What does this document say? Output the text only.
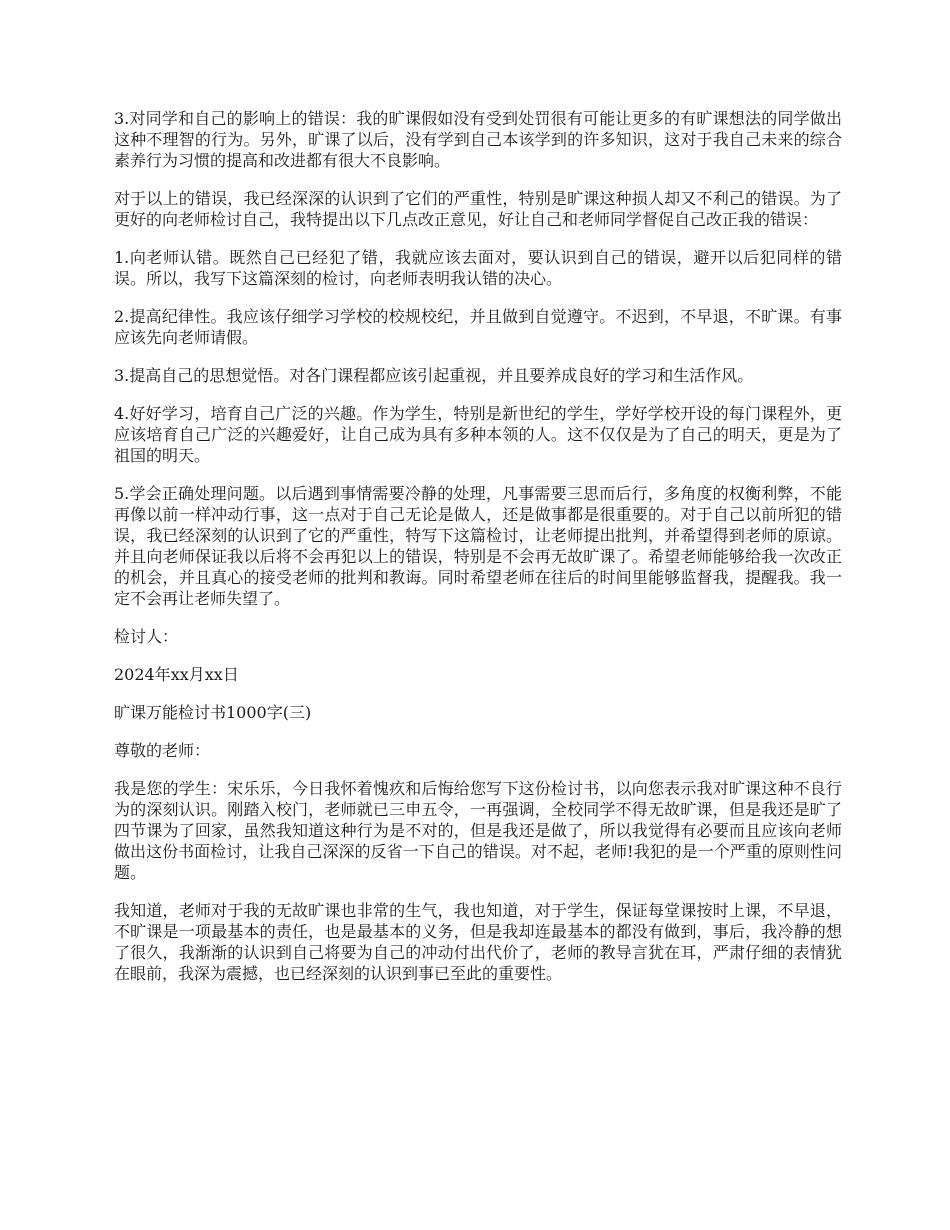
3.对同学和自己的影响上的错误：我的旷课假如没有受到处罚很有可能让更多的有旷课想法的同学做出这种不理智的行为。另外，旷课了以后，没有学到自己本该学到的许多知识，这对于我自己未来的综合素养行为习惯的提高和改进都有很大不良影响。

对于以上的错误，我已经深深的认识到了它们的严重性，特别是旷课这种损人却又不利己的错误。为了更好的向老师检讨自己，我特提出以下几点改正意见，好让自己和老师同学督促自己改正我的错误：

1.向老师认错。既然自己已经犯了错，我就应该去面对，要认识到自己的错误，避开以后犯同样的错误。所以，我写下这篇深刻的检讨，向老师表明我认错的决心。

2.提高纪律性。我应该仔细学习学校的校规校纪，并且做到自觉遵守。不迟到，不早退，不旷课。有事应该先向老师请假。

3.提高自己的思想觉悟。对各门课程都应该引起重视，并且要养成良好的学习和生活作风。

4.好好学习，培育自己广泛的兴趣。作为学生，特别是新世纪的学生，学好学校开设的每门课程外，更应该培育自己广泛的兴趣爱好，让自己成为具有多种本领的人。这不仅仅是为了自己的明天，更是为了祖国的明天。

5.学会正确处理问题。以后遇到事情需要冷静的处理，凡事需要三思而后行，多角度的权衡利弊，不能再像以前一样冲动行事，这一点对于自己无论是做人，还是做事都是很重要的。对于自己以前所犯的错误，我已经深刻的认识到了它的严重性，特写下这篇检讨，让老师提出批判，并希望得到老师的原谅。并且向老师保证我以后将不会再犯以上的错误，特别是不会再无故旷课了。希望老师能够给我一次改正的机会，并且真心的接受老师的批判和教诲。同时希望老师在往后的时间里能够监督我，提醒我。我一定不会再让老师失望了。

检讨人：

2024年xx月xx日

旷课万能检讨书1000字(三)

尊敬的老师：

我是您的学生：宋乐乐，今日我怀着愧疚和后悔给您写下这份检讨书，以向您表示我对旷课这种不良行为的深刻认识。刚踏入校门，老师就已三申五令，一再强调，全校同学不得无故旷课，但是我还是旷了四节课为了回家，虽然我知道这种行为是不对的，但是我还是做了，所以我觉得有必要而且应该向老师做出这份书面检讨，让我自己深深的反省一下自己的错误。对不起，老师!我犯的是一个严重的原则性问题。

我知道，老师对于我的无故旷课也非常的生气，我也知道，对于学生，保证每堂课按时上课，不早退，不旷课是一项最基本的责任，也是最基本的义务，但是我却连最基本的都没有做到，事后，我冷静的想了很久，我渐渐的认识到自己将要为自己的冲动付出代价了，老师的教导言犹在耳，严肃仔细的表情犹在眼前，我深为震撼，也已经深刻的认识到事已至此的重要性。
